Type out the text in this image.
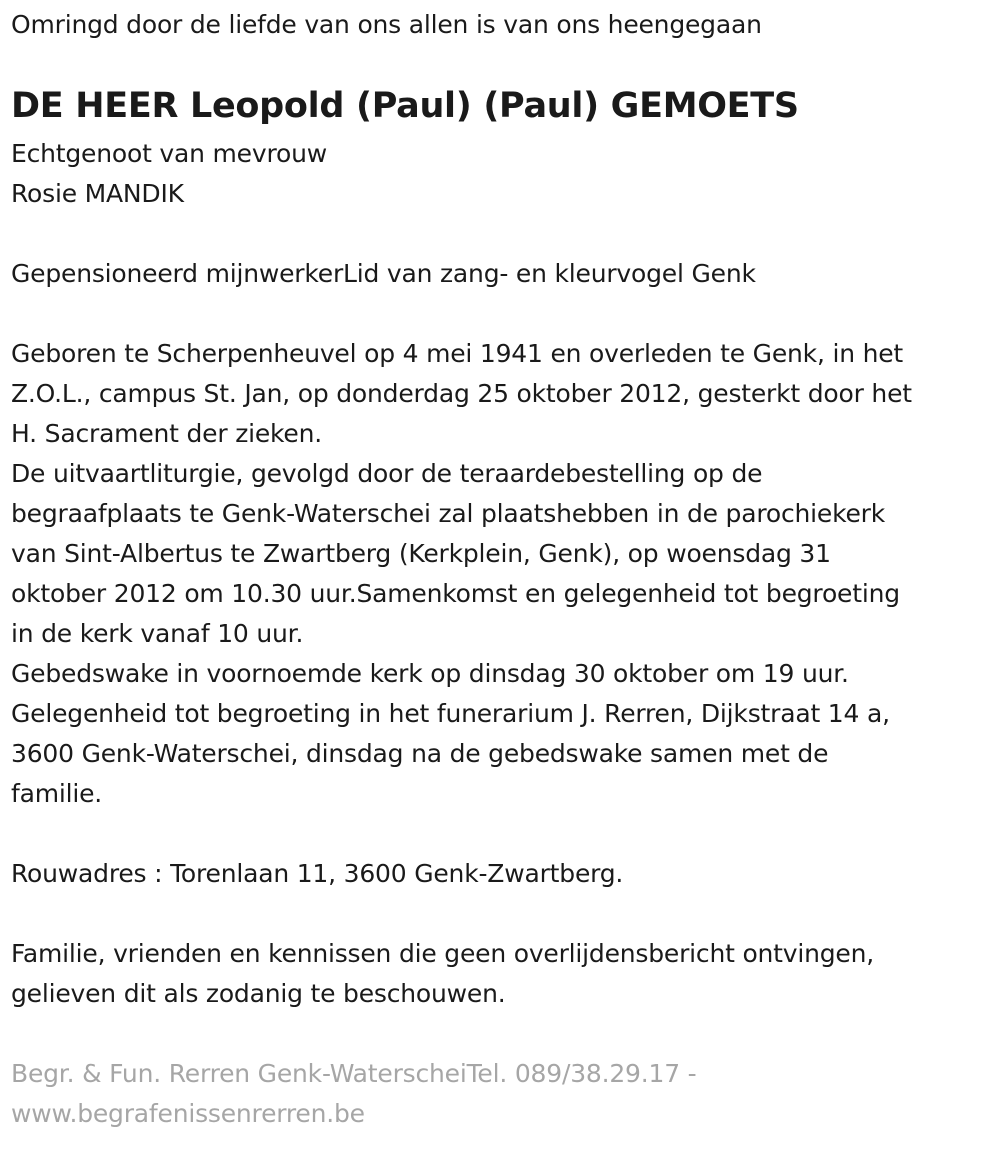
Omringd door de liefde van ons allen is van ons heengegaan
DE HEER Leopold (Paul) (Paul) GEMOETS
Echtgenoot van mevrouw
Rosie MANDIK
Gepensioneerd mijnwerkerLid van zang- en kleurvogel Genk
Geboren te Scherpenheuvel op 4 mei 1941 en overleden te Genk, in het
Z.O.L., campus St. Jan, op donderdag 25 oktober 2012, gesterkt door het
H. Sacrament der zieken.
De uitvaartliturgie, gevolgd door de teraardebestelling op de
begraafplaats te Genk-Waterschei zal plaatshebben in de parochiekerk
van Sint-Albertus te Zwartberg (Kerkplein, Genk), op woensdag 31
oktober 2012 om 10.30 uur.Samenkomst en gelegenheid tot begroeting
in de kerk vanaf 10 uur.
Gebedswake in voornoemde kerk op dinsdag 30 oktober om 19 uur.
Gelegenheid tot begroeting in het funerarium J. Rerren, Dijkstraat 14 a,
3600 Genk-Waterschei, dinsdag na de gebedswake samen met de
familie.
Rouwadres : Torenlaan 11, 3600 Genk-Zwartberg.
Familie, vrienden en kennissen die geen overlijdensbericht ontvingen,
gelieven dit als zodanig te beschouwen.
Begr. & Fun. Rerren Genk-WaterscheiTel. 089/38.29.17 -
www.begrafenissenrerren.be
